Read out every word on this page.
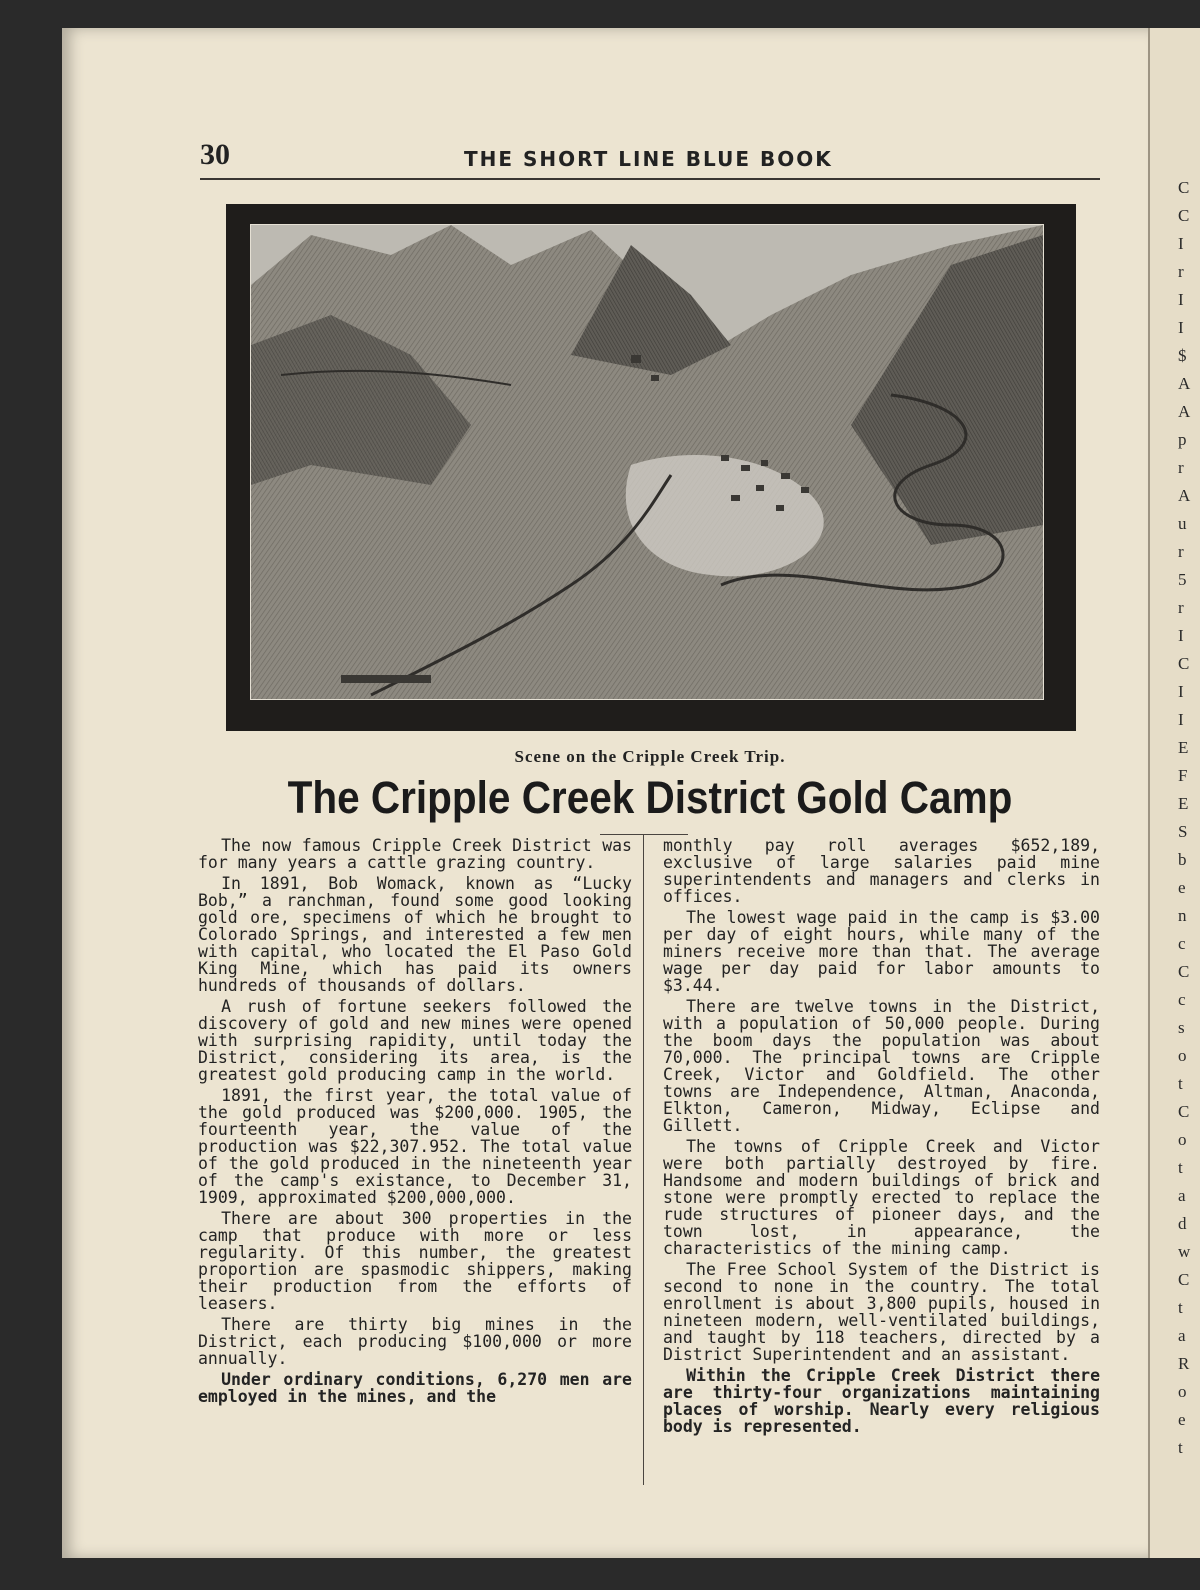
C
C
I
r
I
I
$
A
A
p
r
A
u
r
5
r
I
C
I
I
E
F
E
S
b
e
n
c
C
c
s
o
t
C
o
t
a
d
w
C
t
a
R
o
e
t
30	THE SHORT LINE BLUE BOOK
Scene on the Cripple Creek Trip.
The Cripple Creek District Gold Camp

The now famous Cripple Creek District was for many years a cattle grazing country.

In 1891, Bob Womack, known as “Lucky Bob,” a ranchman, found some good looking gold ore, specimens of which he brought to Colorado Springs, and interested a few men with capital, who located the El Paso Gold King Mine, which has paid its owners hundreds of thousands of dollars.

A rush of fortune seekers followed the discovery of gold and new mines were opened with surprising rapidity, until today the District, considering its area, is the greatest gold producing camp in the world.

1891, the first year, the total value of the gold produced was $200,000. 1905, the fourteenth year, the value of the production was $22,307.952. The total value of the gold produced in the nineteenth year of the camp's existance, to December 31, 1909, approximated $200,000,000.

There are about 300 properties in the camp that produce with more or less regularity. Of this number, the greatest proportion are spasmodic shippers, making their production from the efforts of leasers.

There are thirty big mines in the District, each producing $100,000 or more annually.

Under ordinary conditions, 6,270 men are employed in the mines, and the

monthly pay roll averages $652,189, exclusive of large salaries paid mine superintendents and managers and clerks in offices.

The lowest wage paid in the camp is $3.00 per day of eight hours, while many of the miners receive more than that. The average wage per day paid for labor amounts to $3.44.

There are twelve towns in the District, with a population of 50,000 people. During the boom days the population was about 70,000. The principal towns are Cripple Creek, Victor and Goldfield. The other towns are Independence, Altman, Anaconda, Elkton, Cameron, Midway, Eclipse and Gillett.

The towns of Cripple Creek and Victor were both partially destroyed by fire. Handsome and modern buildings of brick and stone were promptly erected to replace the rude structures of pioneer days, and the town lost, in appearance, the characteristics of the mining camp.

The Free School System of the District is second to none in the country. The total enrollment is about 3,800 pupils, housed in nineteen modern, well-ventilated buildings, and taught by 118 teachers, directed by a District Superintendent and an assistant.

Within the Cripple Creek District there are thirty-four organizations maintaining places of worship. Nearly every religious body is represented.
